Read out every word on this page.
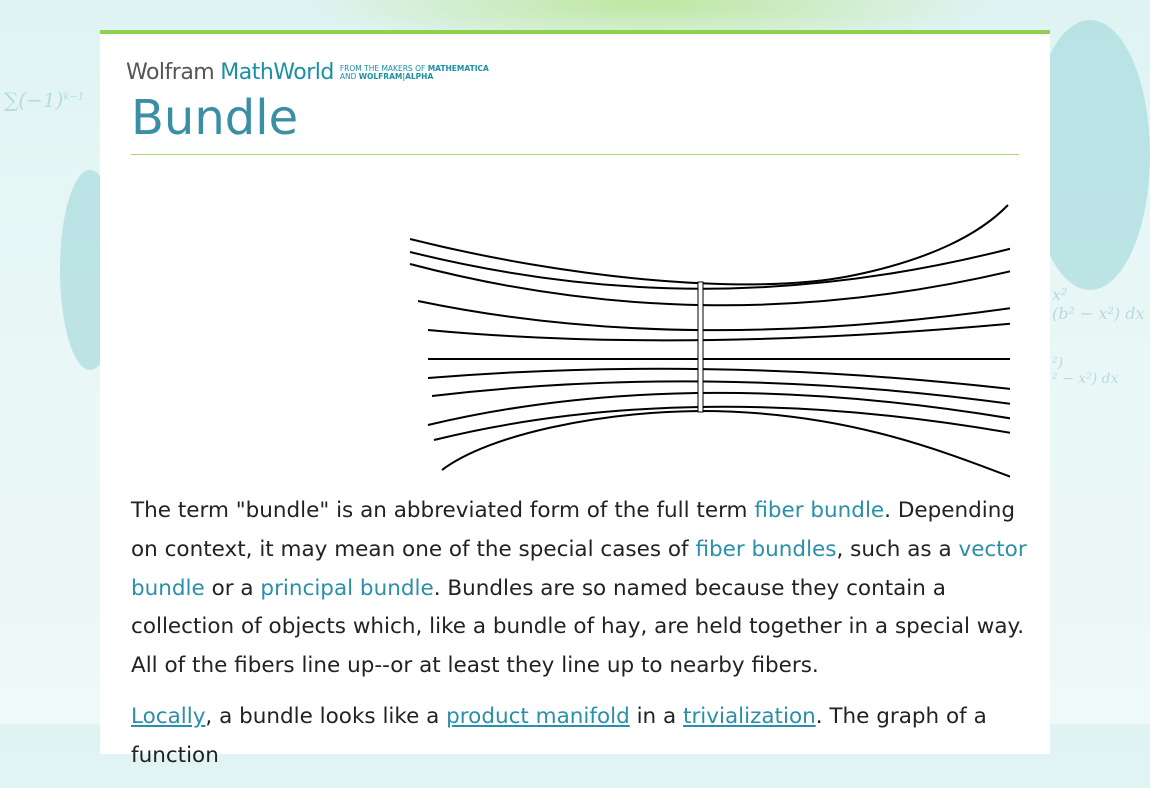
$\sum(-1)^{k-1}$
x²
(b² − x²) dx
²)
² − x²) dx
Wolfram MathWorld FROM THE MAKERS OF MATHEMATICA
AND WOLFRAM|ALPHA
Bundle

The term "bundle" is an abbreviated form of the full term fiber bundle. Depending on context, it may mean one of the special cases of fiber bundles, such as a vector bundle or a principal bundle. Bundles are so named because they contain a collection of objects which, like a bundle of hay, are held together in a special way. All of the fibers line up--or at least they line up to nearby fibers.

Locally, a bundle looks like a product manifold in a trivialization. The graph of a function
